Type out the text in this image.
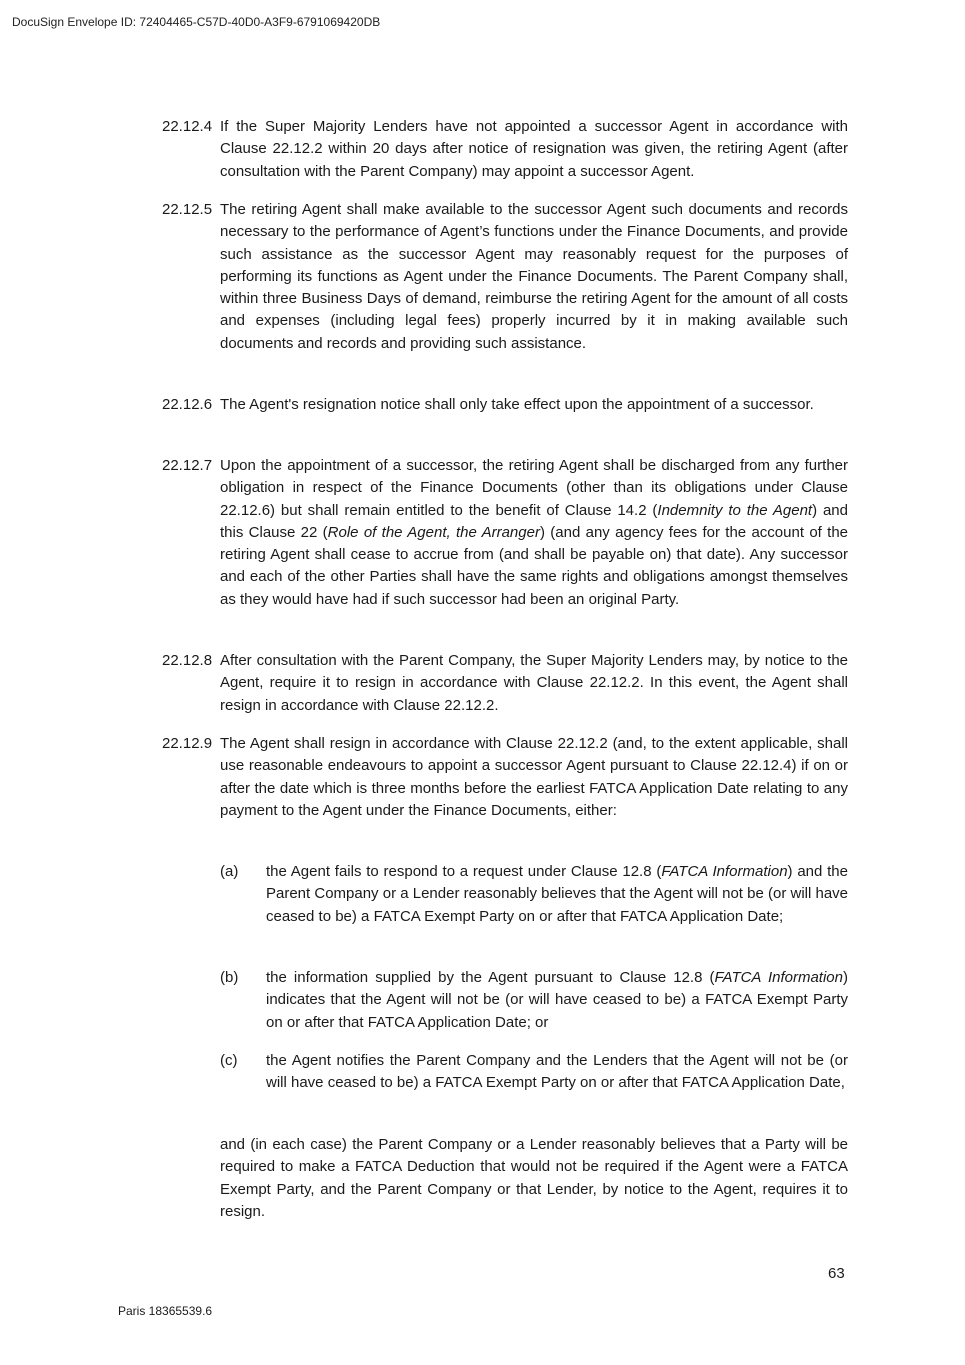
DocuSign Envelope ID: 72404465-C57D-40D0-A3F9-6791069420DB
22.12.4 If the Super Majority Lenders have not appointed a successor Agent in accordance with Clause 22.12.2 within 20 days after notice of resignation was given, the retiring Agent (after consultation with the Parent Company) may appoint a successor Agent.
22.12.5 The retiring Agent shall make available to the successor Agent such documents and records necessary to the performance of Agent’s functions under the Finance Documents, and provide such assistance as the successor Agent may reasonably request for the purposes of performing its functions as Agent under the Finance Documents. The Parent Company shall, within three Business Days of demand, reimburse the retiring Agent for the amount of all costs and expenses (including legal fees) properly incurred by it in making available such documents and records and providing such assistance.
22.12.6 The Agent's resignation notice shall only take effect upon the appointment of a successor.
22.12.7 Upon the appointment of a successor, the retiring Agent shall be discharged from any further obligation in respect of the Finance Documents (other than its obligations under Clause 22.12.6) but shall remain entitled to the benefit of Clause 14.2 (Indemnity to the Agent) and this Clause 22 (Role of the Agent, the Arranger) (and any agency fees for the account of the retiring Agent shall cease to accrue from (and shall be payable on) that date). Any successor and each of the other Parties shall have the same rights and obligations amongst themselves as they would have had if such successor had been an original Party.
22.12.8 After consultation with the Parent Company, the Super Majority Lenders may, by notice to the Agent, require it to resign in accordance with Clause 22.12.2. In this event, the Agent shall resign in accordance with Clause 22.12.2.
22.12.9 The Agent shall resign in accordance with Clause 22.12.2 (and, to the extent applicable, shall use reasonable endeavours to appoint a successor Agent pursuant to Clause 22.12.4) if on or after the date which is three months before the earliest FATCA Application Date relating to any payment to the Agent under the Finance Documents, either:
(a) the Agent fails to respond to a request under Clause 12.8 (FATCA Information) and the Parent Company or a Lender reasonably believes that the Agent will not be (or will have ceased to be) a FATCA Exempt Party on or after that FATCA Application Date;
(b) the information supplied by the Agent pursuant to Clause 12.8 (FATCA Information) indicates that the Agent will not be (or will have ceased to be) a FATCA Exempt Party on or after that FATCA Application Date; or
(c) the Agent notifies the Parent Company and the Lenders that the Agent will not be (or will have ceased to be) a FATCA Exempt Party on or after that FATCA Application Date,
and (in each case) the Parent Company or a Lender reasonably believes that a Party will be required to make a FATCA Deduction that would not be required if the Agent were a FATCA Exempt Party, and the Parent Company or that Lender, by notice to the Agent, requires it to resign.
63
Paris 18365539.6
